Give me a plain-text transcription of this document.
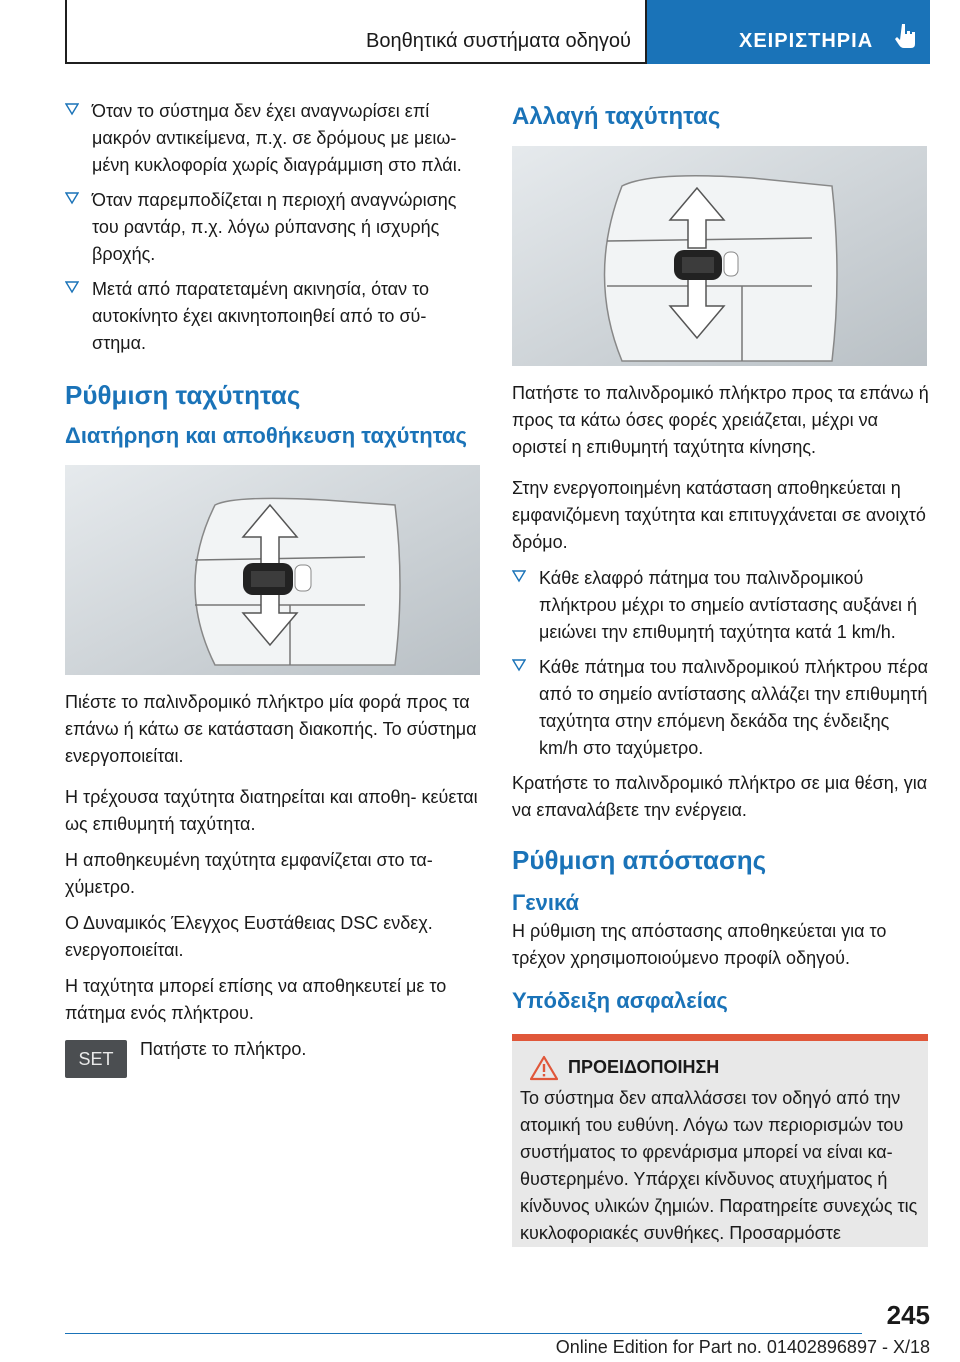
Βοηθητικά συστήματα οδηγού	ΧΕΙΡΙΣΤΗΡΙΑ
Όταν το σύστημα δεν έχει αναγνωρίσει επί μακρόν αντικείμενα, π.χ. σε δρόμους με μειω- μένη κυκλοφορία χωρίς διαγράμμιση στο πλάι.
Όταν παρεμποδίζεται η περιοχή αναγνώρισης του ραντάρ, π.χ. λόγω ρύπανσης ή ισχυρής βροχής.
Μετά από παρατεταμένη ακινησία, όταν το αυτοκίνητο έχει ακινητοποιηθεί από το σύ- στημα.
Ρύθμιση ταχύτητας
Διατήρηση και αποθήκευση ταχύτητας
Πιέστε το παλινδρομικό πλήκτρο μία φορά προς τα επάνω ή κάτω σε κατάσταση διακοπής. Το σύστημα ενεργοποιείται.
Η τρέχουσα ταχύτητα διατηρείται και αποθη- κεύεται ως επιθυμητή ταχύτητα.
Η αποθηκευμένη ταχύτητα εμφανίζεται στο τα- χύμετρο.
Ο Δυναμικός Έλεγχος Ευστάθειας DSC ενδεχ. ενεργοποιείται.
Η ταχύτητα μπορεί επίσης να αποθηκευτεί με το πάτημα ενός πλήκτρου.
SET	Πατήστε το πλήκτρο.
Αλλαγή ταχύτητας
Πατήστε το παλινδρομικό πλήκτρο προς τα επάνω ή προς τα κάτω όσες φορές χρειάζεται, μέχρι να οριστεί η επιθυμητή ταχύτητα κίνησης.
Στην ενεργοποιημένη κατάσταση αποθηκεύεται η εμφανιζόμενη ταχύτητα και επιτυγχάνεται σε ανοιχτό δρόμο.
Κάθε ελαφρό πάτημα του παλινδρομικού πλήκτρου μέχρι το σημείο αντίστασης αυξάνει ή μειώνει την επιθυμητή ταχύτητα κατά 1 km/h.
Κάθε πάτημα του παλινδρομικού πλήκτρου πέρα από το σημείο αντίστασης αλλάζει την επιθυμητή ταχύτητα στην επόμενη δεκάδα της ένδειξης km/h στο ταχύμετρο.
Κρατήστε το παλινδρομικό πλήκτρο σε μια θέση, για να επαναλάβετε την ενέργεια.
Ρύθμιση απόστασης
Γενικά
Η ρύθμιση της απόστασης αποθηκεύεται για το τρέχον χρησιμοποιούμενο προφίλ οδηγού.
Υπόδειξη ασφαλείας
ΠΡΟΕΙΔΟΠΟΙΗΣΗ
Το σύστημα δεν απαλλάσσει τον οδηγό από την ατομική του ευθύνη. Λόγω των περιορισμών του συστήματος το φρενάρισμα μπορεί να είναι κα- θυστερημένο. Υπάρχει κίνδυνος ατυχήματος ή κίνδυνος υλικών ζημιών. Παρατηρείτε συνεχώς τις κυκλοφοριακές συνθήκες. Προσαρμόστε
245
Online Edition for Part no. 01402896897 - X/18
